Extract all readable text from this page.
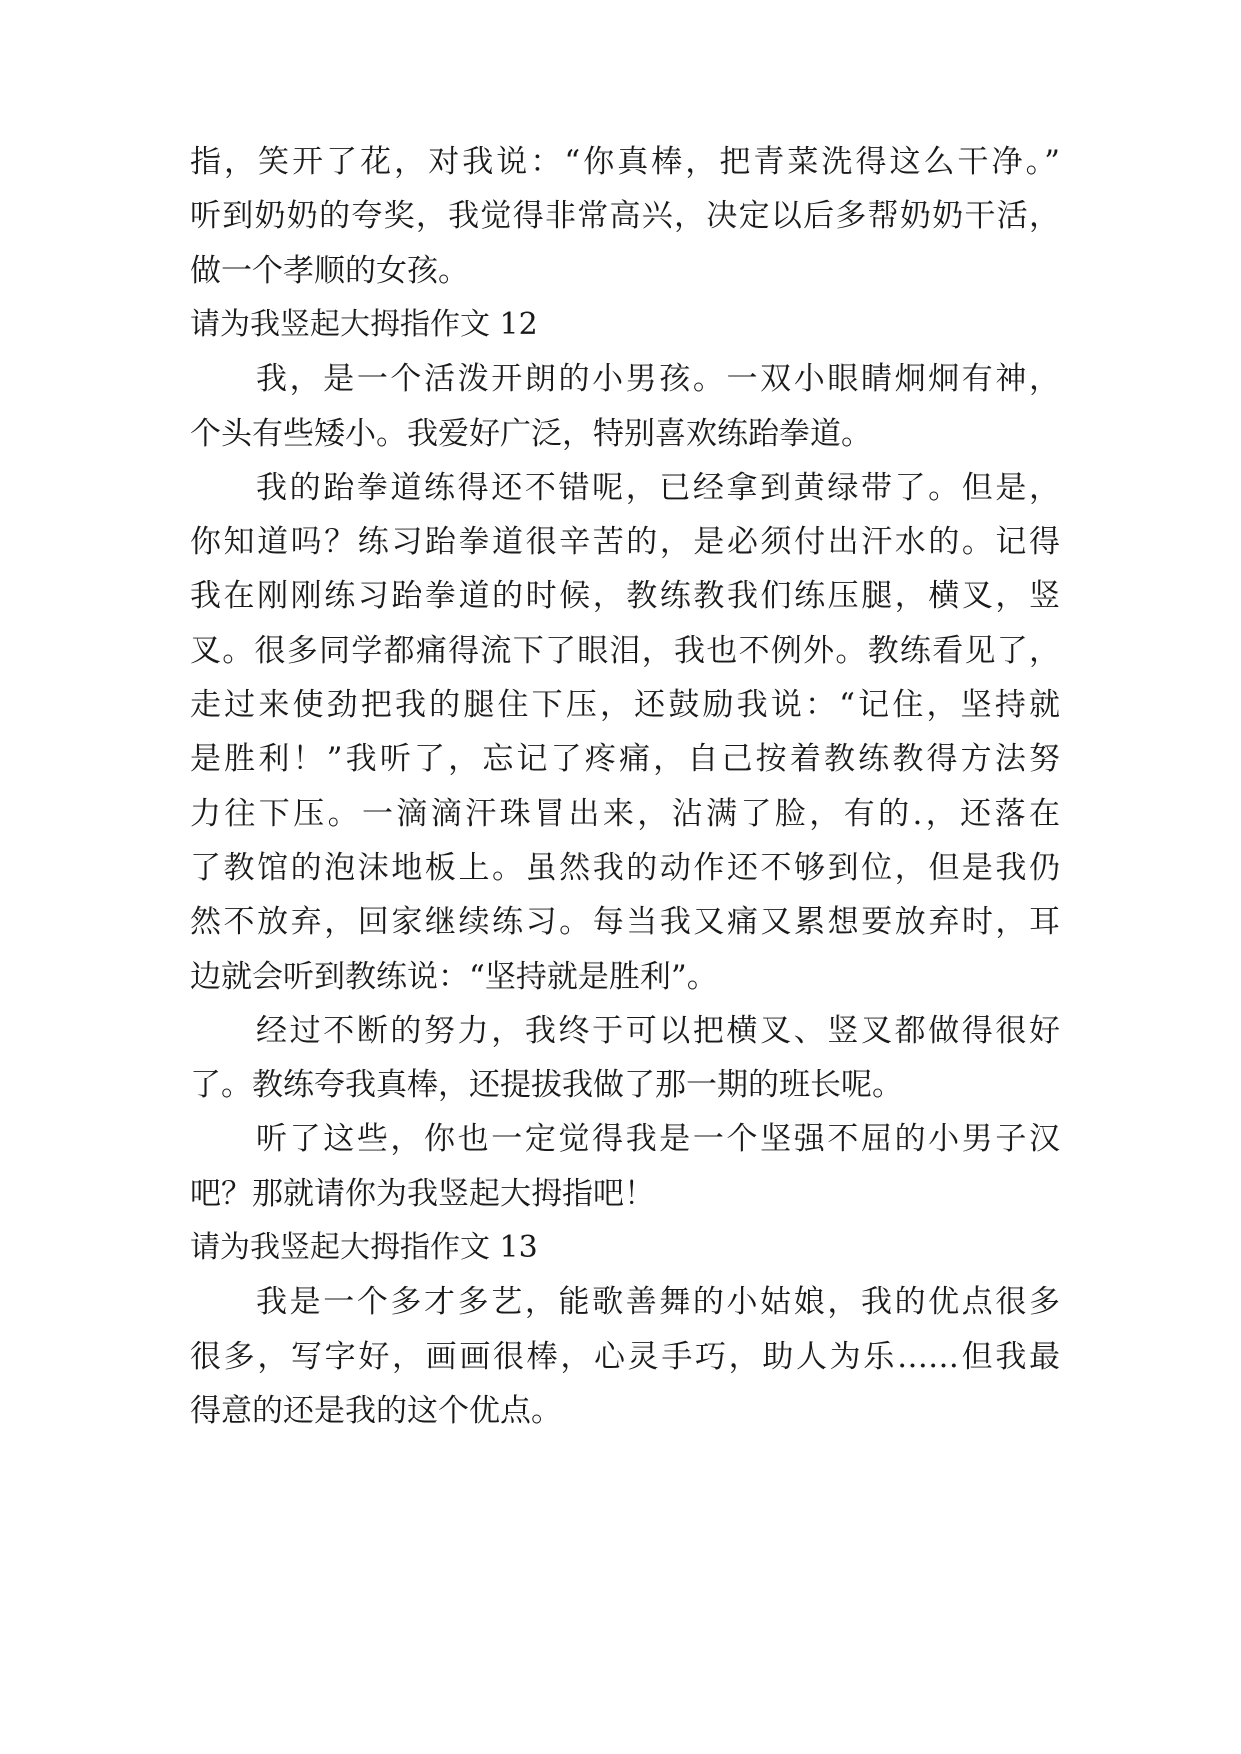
指，笑开了花，对我说：“你真棒，把青菜洗得这么干净。”
听到奶奶的夸奖，我觉得非常高兴，决定以后多帮奶奶干活，
做一个孝顺的女孩。
请为我竖起大拇指作文 12
我，是一个活泼开朗的小男孩。一双小眼睛炯炯有神，
个头有些矮小。我爱好广泛，特别喜欢练跆拳道。
我的跆拳道练得还不错呢，已经拿到黄绿带了。但是，
你知道吗？练习跆拳道很辛苦的，是必须付出汗水的。记得
我在刚刚练习跆拳道的时候，教练教我们练压腿，横叉，竖
叉。很多同学都痛得流下了眼泪，我也不例外。教练看见了，
走过来使劲把我的腿住下压，还鼓励我说：“记住，坚持就
是胜利！”我听了，忘记了疼痛，自己按着教练教得方法努
力往下压。一滴滴汗珠冒出来，沾满了脸，有的.，还落在
了教馆的泡沫地板上。虽然我的动作还不够到位，但是我仍
然不放弃，回家继续练习。每当我又痛又累想要放弃时，耳
边就会听到教练说：“坚持就是胜利”。
经过不断的努力，我终于可以把横叉、竖叉都做得很好
了。教练夸我真棒，还提拔我做了那一期的班长呢。
听了这些，你也一定觉得我是一个坚强不屈的小男子汉
吧？那就请你为我竖起大拇指吧！
请为我竖起大拇指作文 13
我是一个多才多艺，能歌善舞的小姑娘，我的优点很多
很多，写字好，画画很棒，心灵手巧，助人为乐……但我最
得意的还是我的这个优点。
